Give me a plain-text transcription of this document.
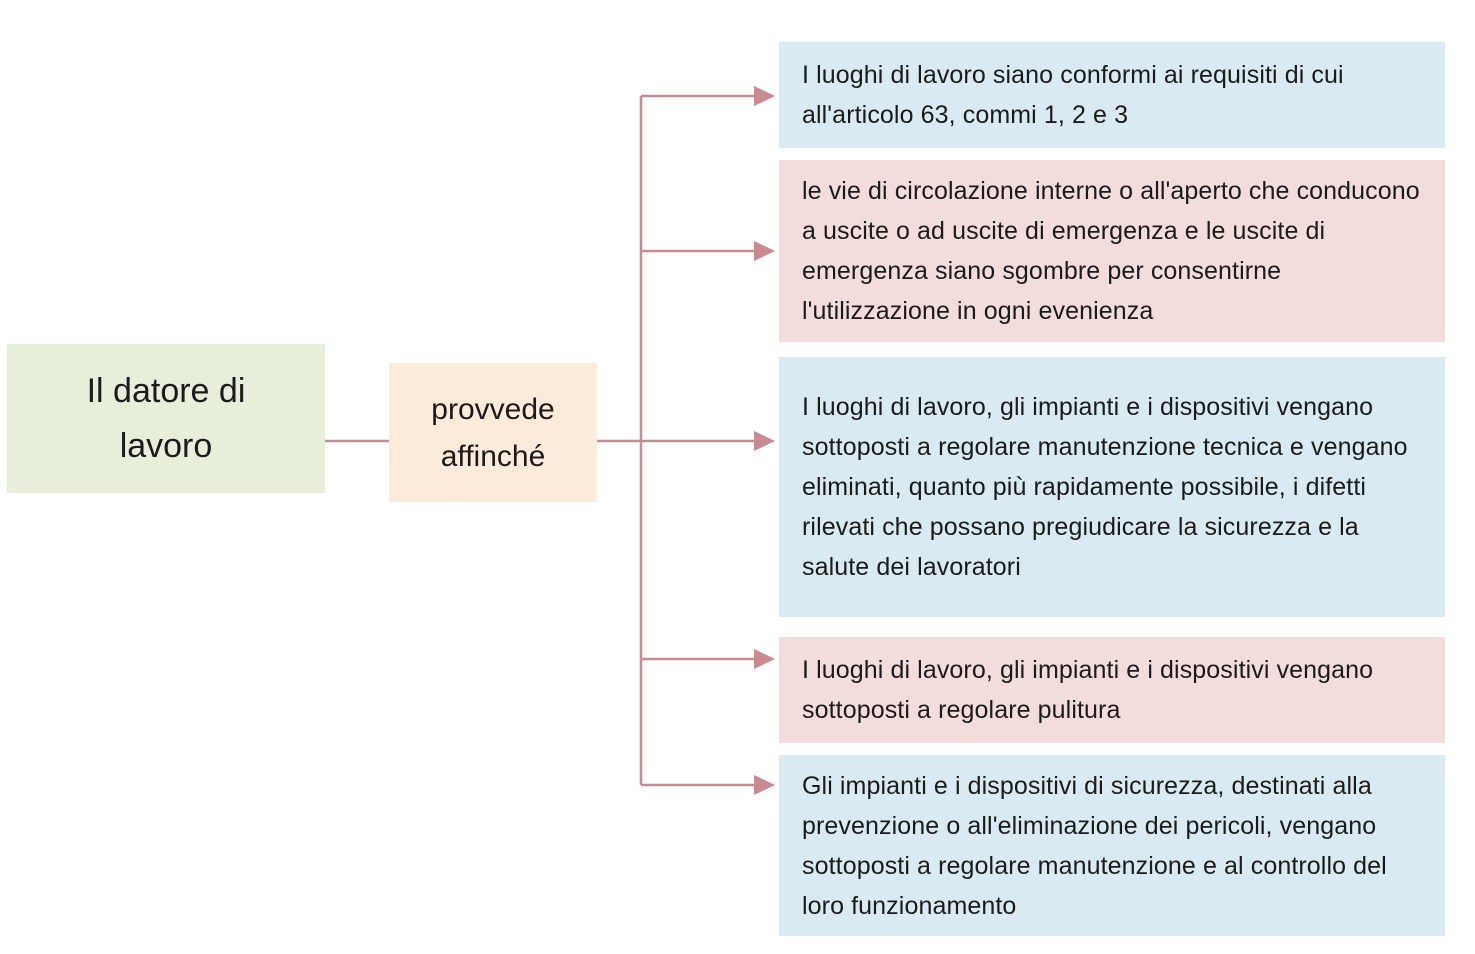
Il datore di lavoro
provvede affinché
I luoghi di lavoro siano conformi ai requisiti di cui all'articolo 63, commi 1, 2 e 3
le vie di circolazione interne o all'aperto che conducono a uscite o ad uscite di emergenza e le uscite di emergenza siano sgombre per consentirne l'utilizzazione in ogni evenienza
I luoghi di lavoro, gli impianti e i dispositivi vengano sottoposti a regolare manutenzione tecnica e vengano eliminati, quanto più rapidamente possibile, i difetti rilevati che possano pregiudicare la sicurezza e la salute dei lavoratori
I luoghi di lavoro, gli impianti e i dispositivi vengano sottoposti a regolare pulitura
Gli impianti e i dispositivi di sicurezza, destinati alla prevenzione o all'eliminazione dei pericoli, vengano sottoposti a regolare manutenzione e al controllo del loro funzionamento
